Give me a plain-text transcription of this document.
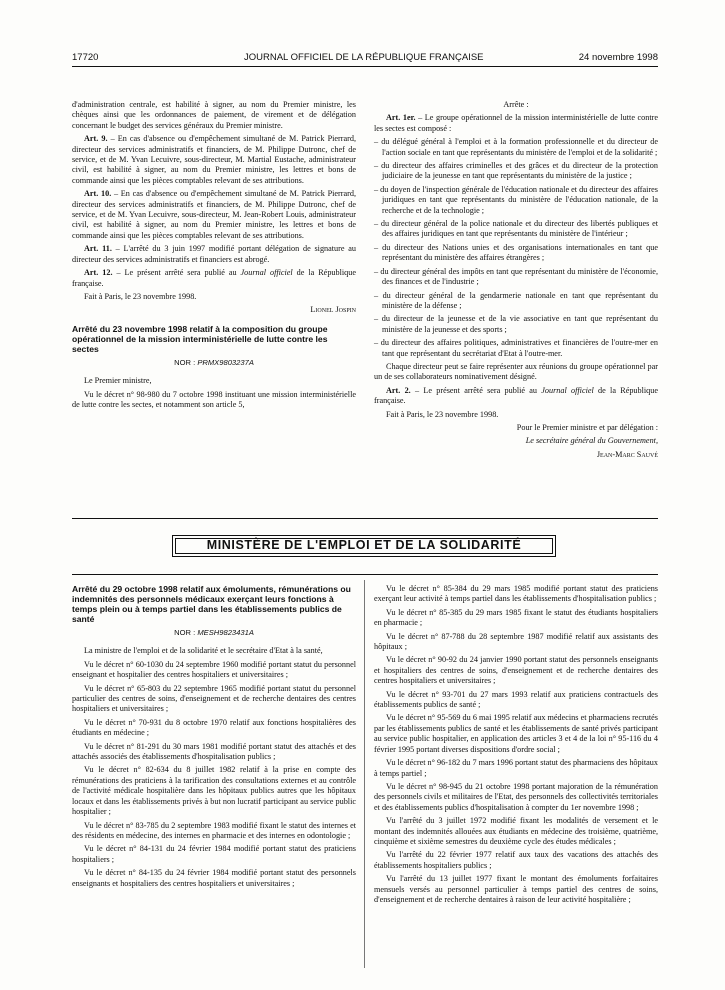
17720	JOURNAL OFFICIEL DE LA RÉPUBLIQUE FRANÇAISE	24 novembre 1998

d'administration centrale, est habilité à signer, au nom du Premier ministre, les chèques ainsi que les ordonnances de paiement, de virement et de délégation concernant le budget des services généraux du Premier ministre.

Art. 9. – En cas d'absence ou d'empêchement simultané de M. Patrick Pierrard, directeur des services administratifs et financiers, de M. Philippe Dutronc, chef de service, et de M. Yvan Lecuivre, sous-directeur, M. Martial Eustache, administrateur civil, est habilité à signer, au nom du Premier ministre, les lettres et bons de commande ainsi que les pièces comptables relevant de ses attributions.

Art. 10. – En cas d'absence ou d'empêchement simultané de M. Patrick Pierrard, directeur des services administratifs et financiers, de M. Philippe Dutronc, chef de service, et de M. Yvan Lecuivre, sous-directeur, M. Jean-Robert Louis, administrateur civil, est habilité à signer, au nom du Premier ministre, les lettres et bons de commande ainsi que les pièces comptables relevant de ses attributions.

Art. 11. – L'arrêté du 3 juin 1997 modifié portant délégation de signature au directeur des services administratifs et financiers est abrogé.

Art. 12. – Le présent arrêté sera publié au Journal officiel de la République française.

Fait à Paris, le 23 novembre 1998.

Lionel Jospin

Arrêté du 23 novembre 1998 relatif à la composition du groupe opérationnel de la mission interministérielle de lutte contre les sectes

NOR : PRMX9803237A

Le Premier ministre,

Vu le décret n° 98-980 du 7 octobre 1998 instituant une mission interministérielle de lutte contre les sectes, et notamment son article 5,

Arrête :

Art. 1er. – Le groupe opérationnel de la mission interministérielle de lutte contre les sectes est composé :

– du délégué général à l'emploi et à la formation professionnelle et du directeur de l'action sociale en tant que représentants du ministère de l'emploi et de la solidarité ;

– du directeur des affaires criminelles et des grâces et du directeur de la protection judiciaire de la jeunesse en tant que représentants du ministère de la justice ;

– du doyen de l'inspection générale de l'éducation nationale et du directeur des affaires juridiques en tant que représentants du ministère de l'éducation nationale, de la recherche et de la technologie ;

– du directeur général de la police nationale et du directeur des libertés publiques et des affaires juridiques en tant que représentants du ministère de l'intérieur ;

– du directeur des Nations unies et des organisations internationales en tant que représentant du ministère des affaires étrangères ;

– du directeur général des impôts en tant que représentant du ministère de l'économie, des finances et de l'industrie ;

– du directeur général de la gendarmerie nationale en tant que représentant du ministère de la défense ;

– du directeur de la jeunesse et de la vie associative en tant que représentant du ministère de la jeunesse et des sports ;

– du directeur des affaires politiques, administratives et financières de l'outre-mer en tant que représentant du secrétariat d'Etat à l'outre-mer.

Chaque directeur peut se faire représenter aux réunions du groupe opérationnel par un de ses collaborateurs nominativement désigné.

Art. 2. – Le présent arrêté sera publié au Journal officiel de la République française.

Fait à Paris, le 23 novembre 1998.

Pour le Premier ministre et par délégation :

Le secrétaire général du Gouvernement,

Jean-Marc Sauvé

MINISTÈRE DE L'EMPLOI ET DE LA SOLIDARITÉ

Arrêté du 29 octobre 1998 relatif aux émoluments, rémunérations ou indemnités des personnels médicaux exerçant leurs fonctions à temps plein ou à temps partiel dans les établissements publics de santé

NOR : MESH9823431A

La ministre de l'emploi et de la solidarité et le secrétaire d'Etat à la santé,

Vu le décret n° 60-1030 du 24 septembre 1960 modifié portant statut du personnel enseignant et hospitalier des centres hospitaliers et universitaires ;

Vu le décret n° 65-803 du 22 septembre 1965 modifié portant statut du personnel particulier des centres de soins, d'enseignement et de recherche dentaires des centres hospitaliers et universitaires ;

Vu le décret n° 70-931 du 8 octobre 1970 relatif aux fonctions hospitalières des étudiants en médecine ;

Vu le décret n° 81-291 du 30 mars 1981 modifié portant statut des attachés et des attachés associés des établissements d'hospitalisation publics ;

Vu le décret n° 82-634 du 8 juillet 1982 relatif à la prise en compte des rémunérations des praticiens à la tarification des consultations externes et au contrôle de l'activité médicale hospitalière dans les hôpitaux publics autres que les hôpitaux locaux et dans les établissements privés à but non lucratif participant au service public hospitalier ;

Vu le décret n° 83-785 du 2 septembre 1983 modifié fixant le statut des internes et des résidents en médecine, des internes en pharmacie et des internes en odontologie ;

Vu le décret n° 84-131 du 24 février 1984 modifié portant statut des praticiens hospitaliers ;

Vu le décret n° 84-135 du 24 février 1984 modifié portant statut des personnels enseignants et hospitaliers des centres hospitaliers et universitaires ;

Vu le décret n° 85-384 du 29 mars 1985 modifié portant statut des praticiens exerçant leur activité à temps partiel dans les établissements d'hospitalisation publics ;

Vu le décret n° 85-385 du 29 mars 1985 fixant le statut des étudiants hospitaliers en pharmacie ;

Vu le décret n° 87-788 du 28 septembre 1987 modifié relatif aux assistants des hôpitaux ;

Vu le décret n° 90-92 du 24 janvier 1990 portant statut des personnels enseignants et hospitaliers des centres de soins, d'enseignement et de recherche dentaires des centres hospitaliers et universitaires ;

Vu le décret n° 93-701 du 27 mars 1993 relatif aux praticiens contractuels des établissements publics de santé ;

Vu le décret n° 95-569 du 6 mai 1995 relatif aux médecins et pharmaciens recrutés par les établissements publics de santé et les établissements de santé privés participant au service public hospitalier, en application des articles 3 et 4 de la loi n° 95-116 du 4 février 1995 portant diverses dispositions d'ordre social ;

Vu le décret n° 96-182 du 7 mars 1996 portant statut des pharmaciens des hôpitaux à temps partiel ;

Vu le décret n° 98-945 du 21 octobre 1998 portant majoration de la rémunération des personnels civils et militaires de l'Etat, des personnels des collectivités territoriales et des établissements publics d'hospitalisation à compter du 1er novembre 1998 ;

Vu l'arrêté du 3 juillet 1972 modifié fixant les modalités de versement et le montant des indemnités allouées aux étudiants en médecine des troisième, quatrième, cinquième et sixième semestres du deuxième cycle des études médicales ;

Vu l'arrêté du 22 février 1977 relatif aux taux des vacations des attachés des établissements hospitaliers publics ;

Vu l'arrêté du 13 juillet 1977 fixant le montant des émoluments forfaitaires mensuels versés au personnel particulier à temps partiel des centres de soins, d'enseignement et de recherche dentaires à raison de leur activité hospitalière ;
